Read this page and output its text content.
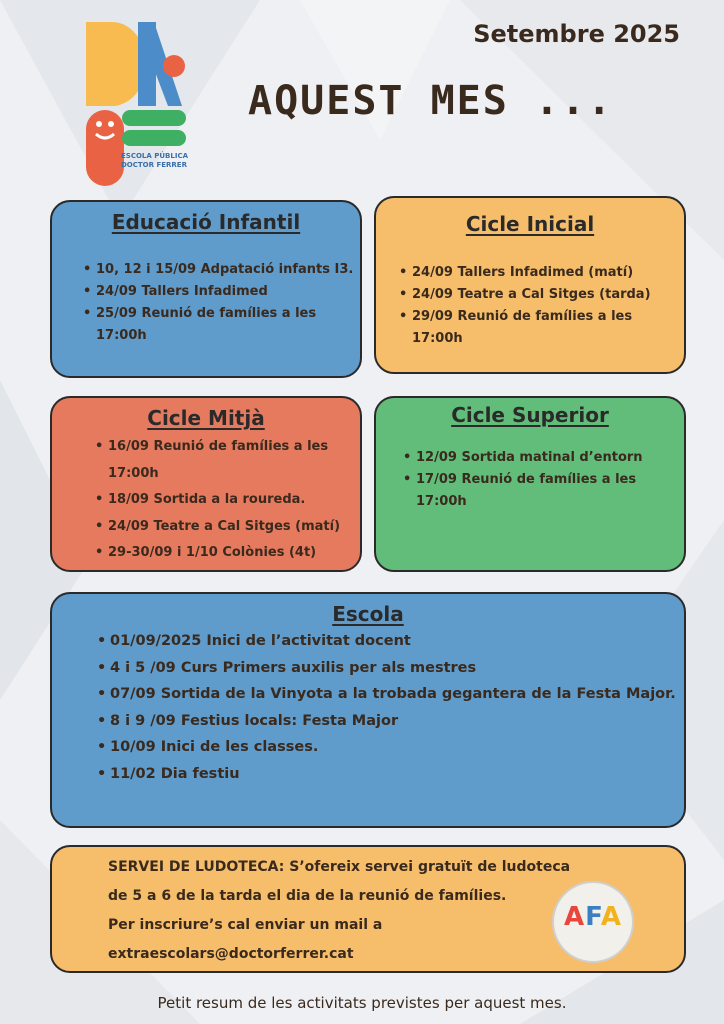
ESCOLA PÚBLICA
DOCTOR FERRER
Setembre 2025
AQUEST MES ...
Educació Infantil
• 10, 12 i 15/09 Adpatació infants I3.
• 24/09 Tallers Infadimed
• 25/09 Reunió de famílies a les 17:00h
Cicle Inicial
• 24/09 Tallers Infadimed (matí)
• 24/09 Teatre a Cal Sitges (tarda)
• 29/09 Reunió de famílies a les 17:00h
Cicle Mitjà
• 16/09 Reunió de famílies a les 17:00h
• 18/09 Sortida a la roureda.
• 24/09 Teatre a Cal Sitges (matí)
• 29-30/09 i 1/10 Colònies (4t)
Cicle Superior
• 12/09 Sortida matinal d’entorn
• 17/09 Reunió de famílies a les 17:00h
Escola
• 01/09/2025 Inici de l’activitat docent
• 4 i 5 /09 Curs Primers auxilis per als mestres
• 07/09 Sortida de la Vinyota a la trobada gegantera de la Festa Major.
• 8 i 9 /09 Festius locals: Festa Major
• 10/09 Inici de les classes.
• 11/02 Dia festiu
SERVEI DE LUDOTECA: S’ofereix servei gratuït de ludoteca
de 5 a 6 de la tarda el dia de la reunió de famílies.
Per inscriure’s cal enviar un mail a
extraescolars@doctorferrer.cat
AFA
Petit resum de les activitats previstes per aquest mes.
